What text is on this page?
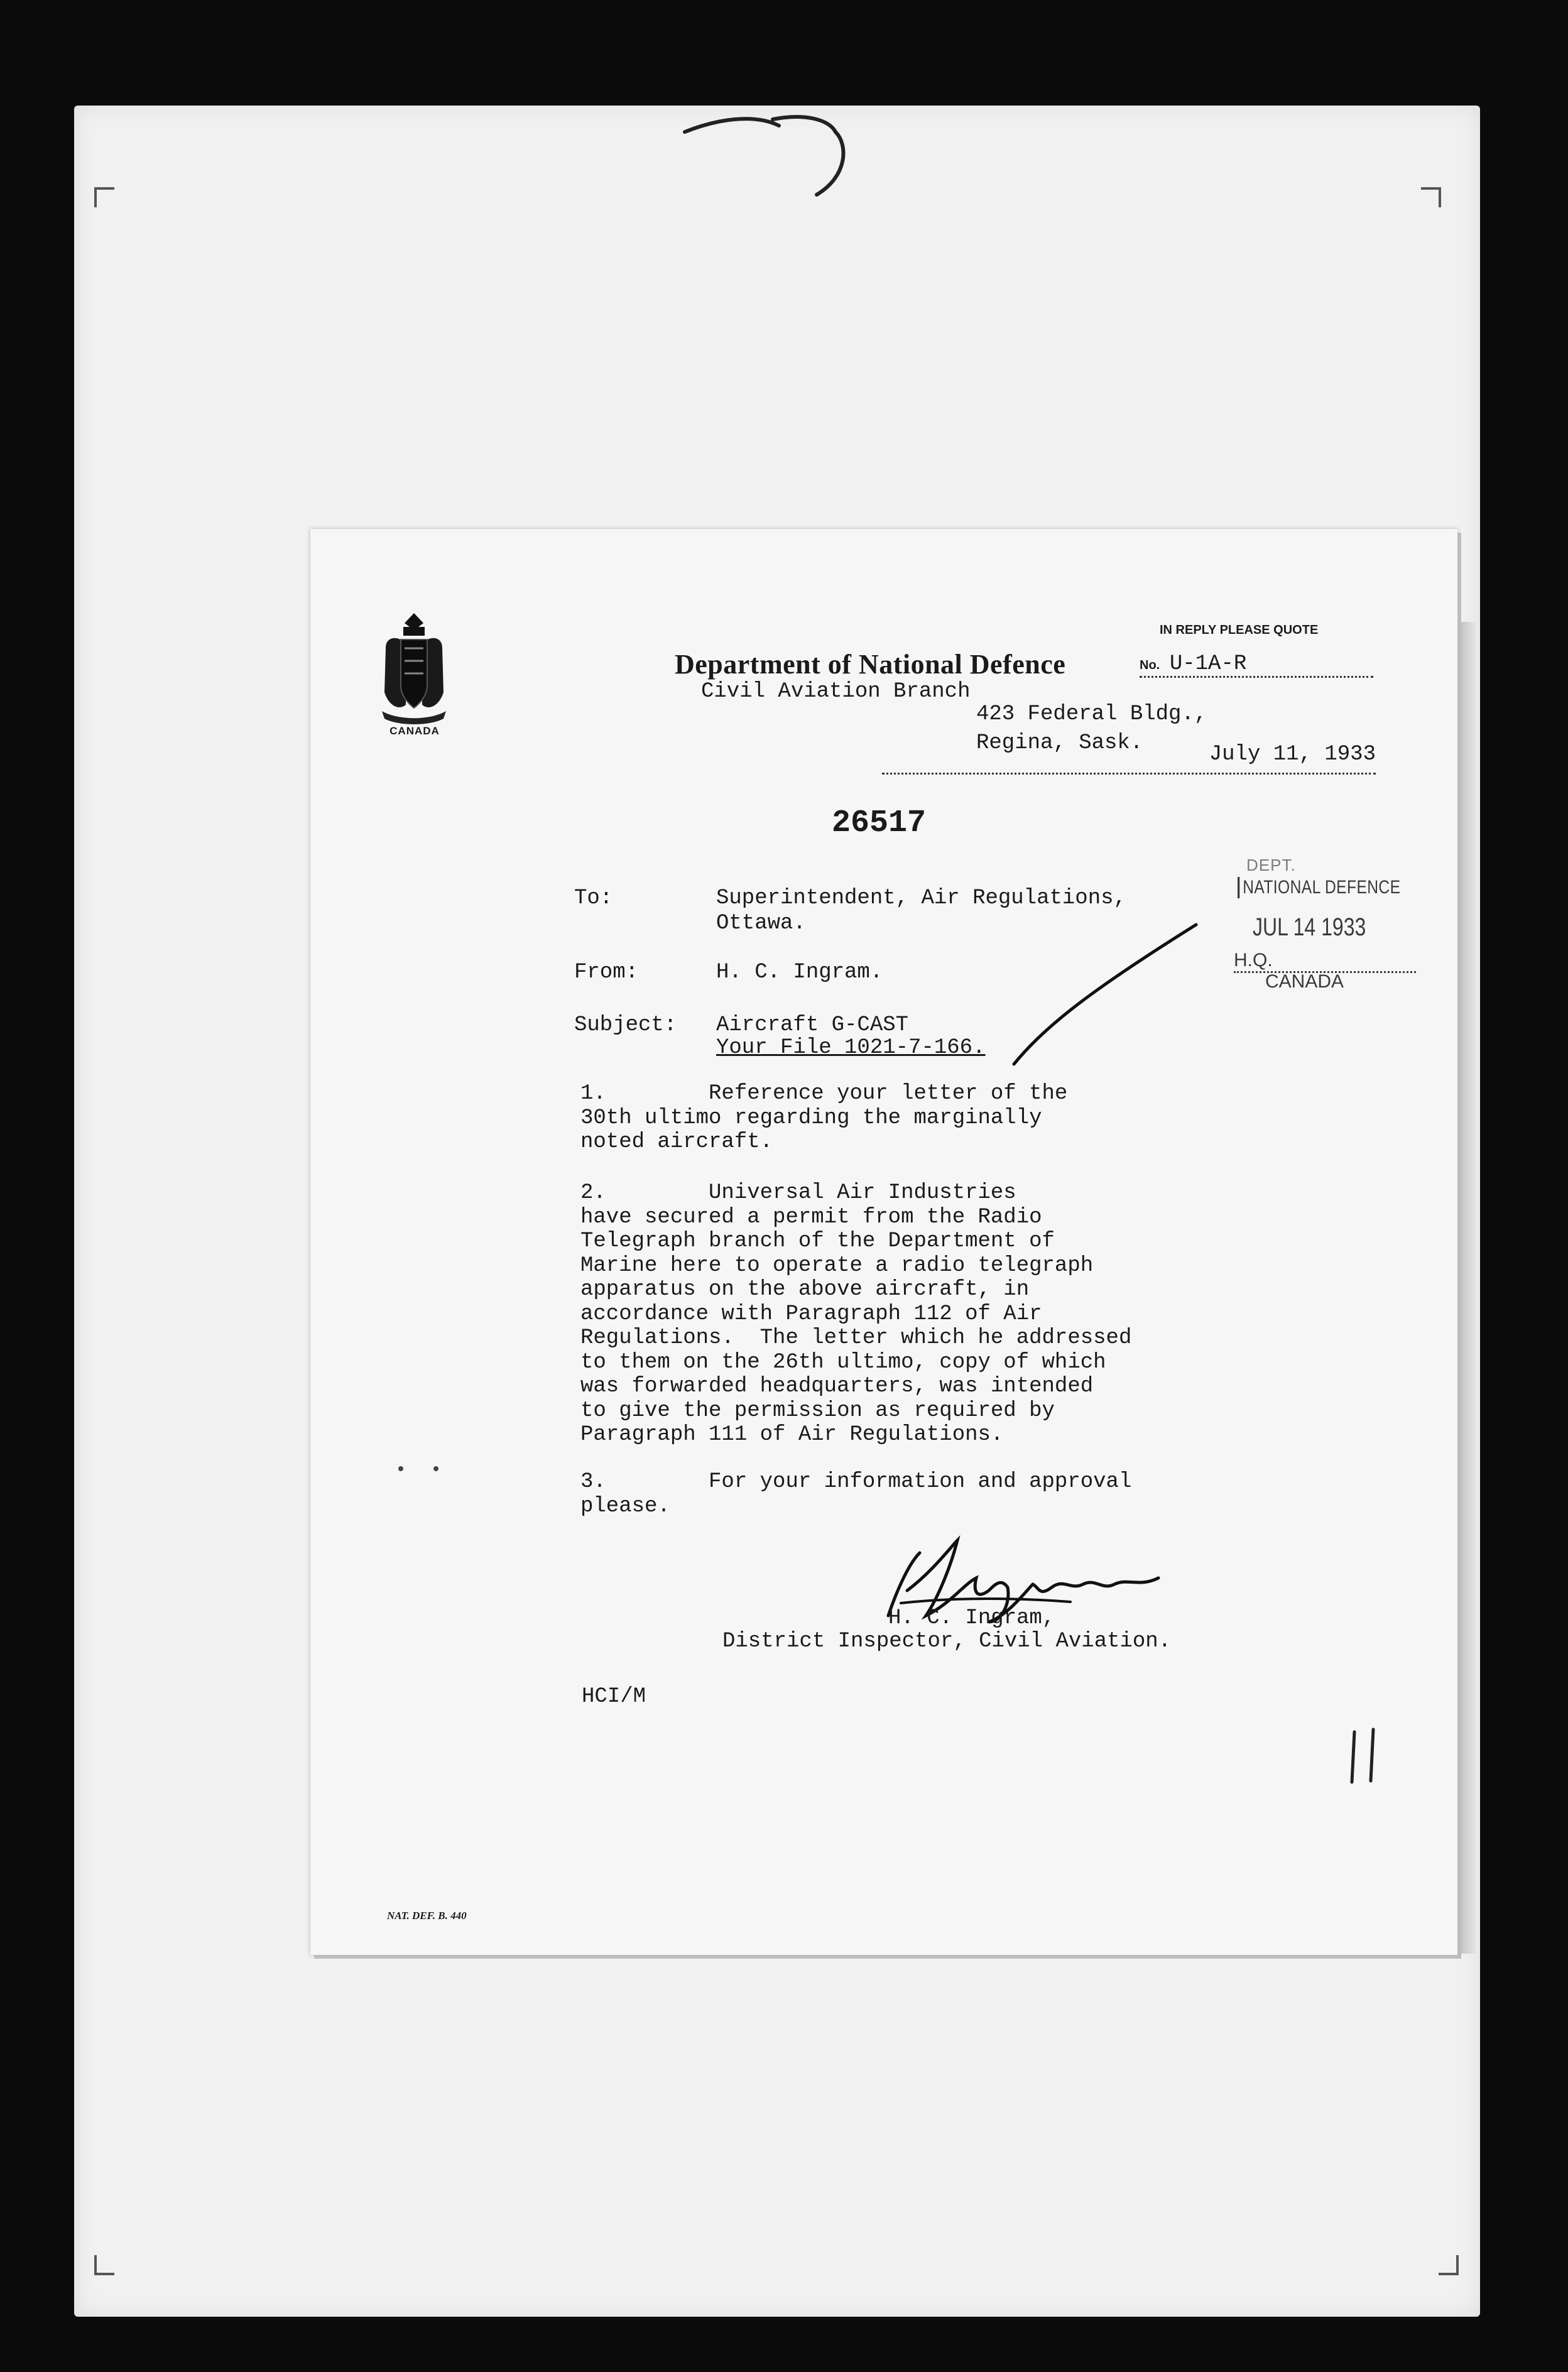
CANADA
Department of National Defence
Civil Aviation Branch
IN REPLY PLEASE QUOTE
No. U-1A-R
423 Federal Bldg.,
Regina, Sask.	July 11, 1933
26517
DEPT.
NATIONAL DEFENCE
JUL 14 1933
H.Q.
CANADA
To:	Superintendent, Air Regulations,
Ottawa.
From:	H. C. Ingram.
Subject: Aircraft G-CAST
Your File 1021-7-166.
1.        Reference your letter of the
30th ultimo regarding the marginally
noted aircraft.
2.        Universal Air Industries
have secured a permit from the Radio
Telegraph branch of the Department of
Marine here to operate a radio telegraph
apparatus on the above aircraft, in
accordance with Paragraph 112 of Air
Regulations.  The letter which he addressed
to them on the 26th ultimo, copy of which
was forwarded headquarters, was intended
to give the permission as required by
Paragraph 111 of Air Regulations.
3.        For your information and approval
please.
H. C. Ingram,
District Inspector, Civil Aviation.
HCI/M
NAT. DEF. B. 440
